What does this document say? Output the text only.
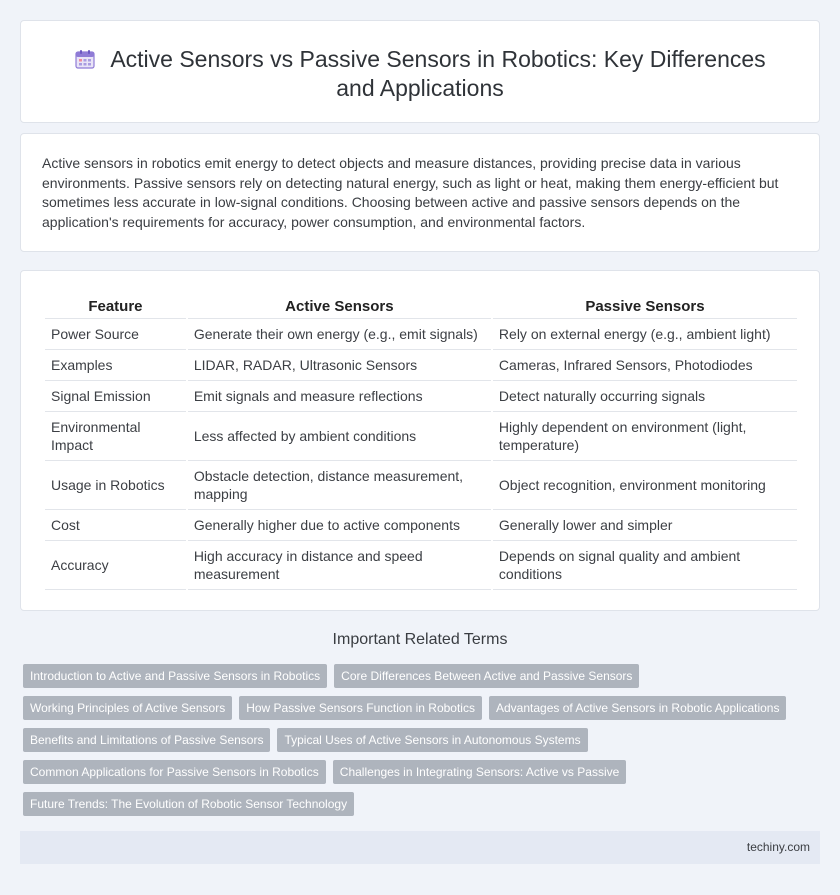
Active Sensors vs Passive Sensors in Robotics: Key Differences and Applications

Active sensors in robotics emit energy to detect objects and measure distances, providing precise data in various environments. Passive sensors rely on detecting natural energy, such as light or heat, making them energy-efficient but sometimes less accurate in low-signal conditions. Choosing between active and passive sensors depends on the application's requirements for accuracy, power consumption, and environmental factors.

Feature	Active Sensors	Passive Sensors
Power Source	Generate their own energy (e.g., emit signals)	Rely on external energy (e.g., ambient light)
Examples	LIDAR, RADAR, Ultrasonic Sensors	Cameras, Infrared Sensors, Photodiodes
Signal Emission	Emit signals and measure reflections	Detect naturally occurring signals
Environmental Impact	Less affected by ambient conditions	Highly dependent on environment (light, temperature)
Usage in Robotics	Obstacle detection, distance measurement, mapping	Object recognition, environment monitoring
Cost	Generally higher due to active components	Generally lower and simpler
Accuracy	High accuracy in distance and speed measurement	Depends on signal quality and ambient conditions
Important Related Terms
Introduction to Active and Passive Sensors in Robotics	Core Differences Between Active and Passive Sensors
Working Principles of Active Sensors	How Passive Sensors Function in Robotics	Advantages of Active Sensors in Robotic Applications
Benefits and Limitations of Passive Sensors	Typical Uses of Active Sensors in Autonomous Systems
Common Applications for Passive Sensors in Robotics	Challenges in Integrating Sensors: Active vs Passive
Future Trends: The Evolution of Robotic Sensor Technology
techiny.com
